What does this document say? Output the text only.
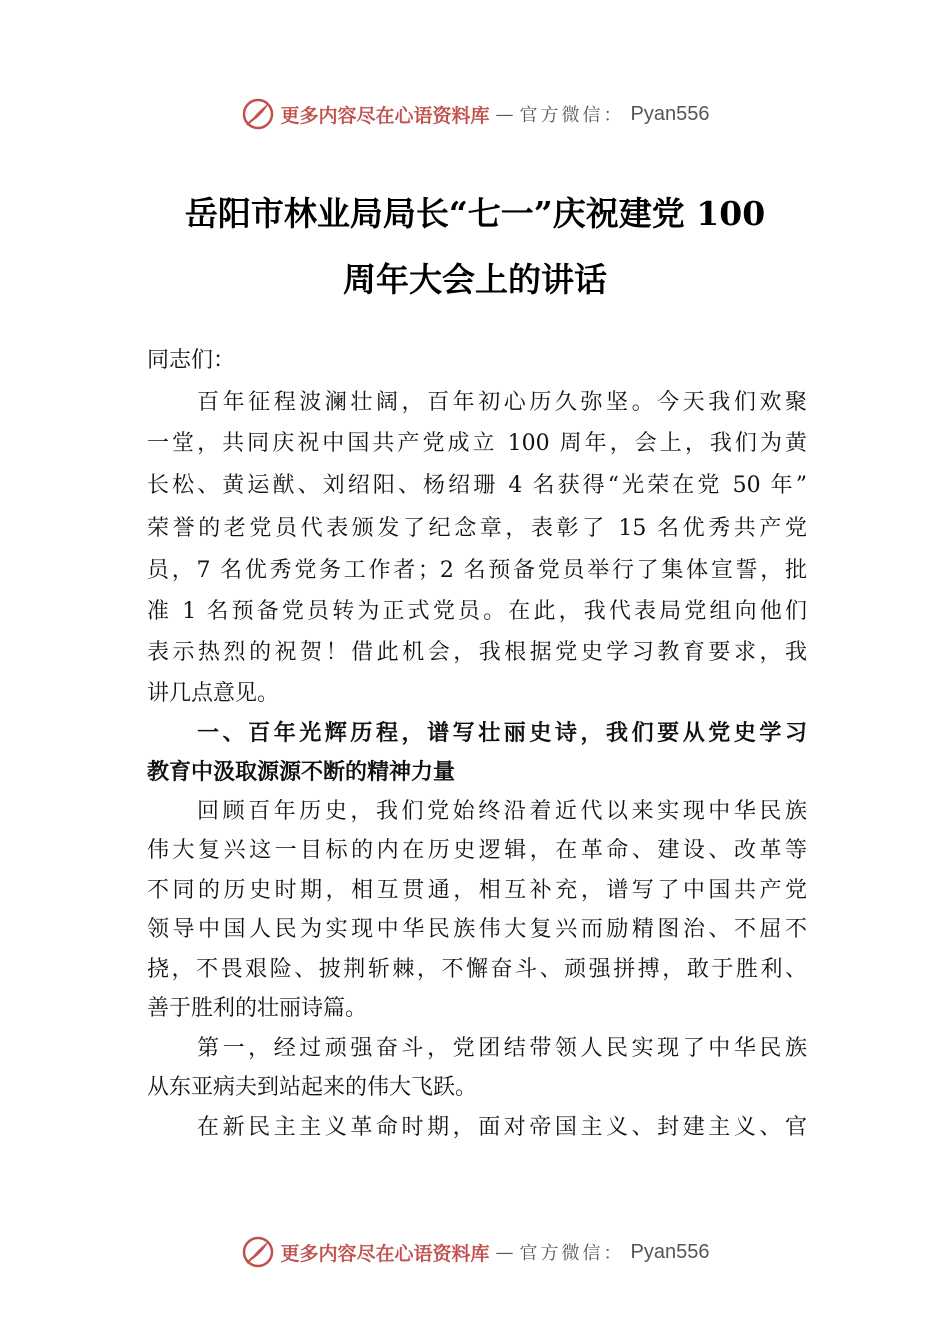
更多内容尽在心语资料库 — 官方微信： Pyan556
岳阳市林业局局长“七一”庆祝建党 100
周年大会上的讲话
同志们：
百年征程波澜壮阔，百年初心历久弥坚。今天我们欢聚
一堂，共同庆祝中国共产党成立 100 周年，会上，我们为黄
长松、黄运猷、刘绍阳、杨绍珊 4 名获得“光荣在党 50 年”
荣誉的老党员代表颁发了纪念章，表彰了 15 名优秀共产党
员，7 名优秀党务工作者；2 名预备党员举行了集体宣誓，批
准 1 名预备党员转为正式党员。在此，我代表局党组向他们
表示热烈的祝贺！借此机会，我根据党史学习教育要求，我
讲几点意见。
一、百年光辉历程，谱写壮丽史诗，我们要从党史学习
教育中汲取源源不断的精神力量
回顾百年历史，我们党始终沿着近代以来实现中华民族
伟大复兴这一目标的内在历史逻辑，在革命、建设、改革等
不同的历史时期，相互贯通，相互补充，谱写了中国共产党
领导中国人民为实现中华民族伟大复兴而励精图治、不屈不
挠，不畏艰险、披荆斩棘，不懈奋斗、顽强拼搏，敢于胜利、
善于胜利的壮丽诗篇。
第一，经过顽强奋斗，党团结带领人民实现了中华民族
从东亚病夫到站起来的伟大飞跃。
在新民主主义革命时期，面对帝国主义、封建主义、官
更多内容尽在心语资料库 — 官方微信： Pyan556
